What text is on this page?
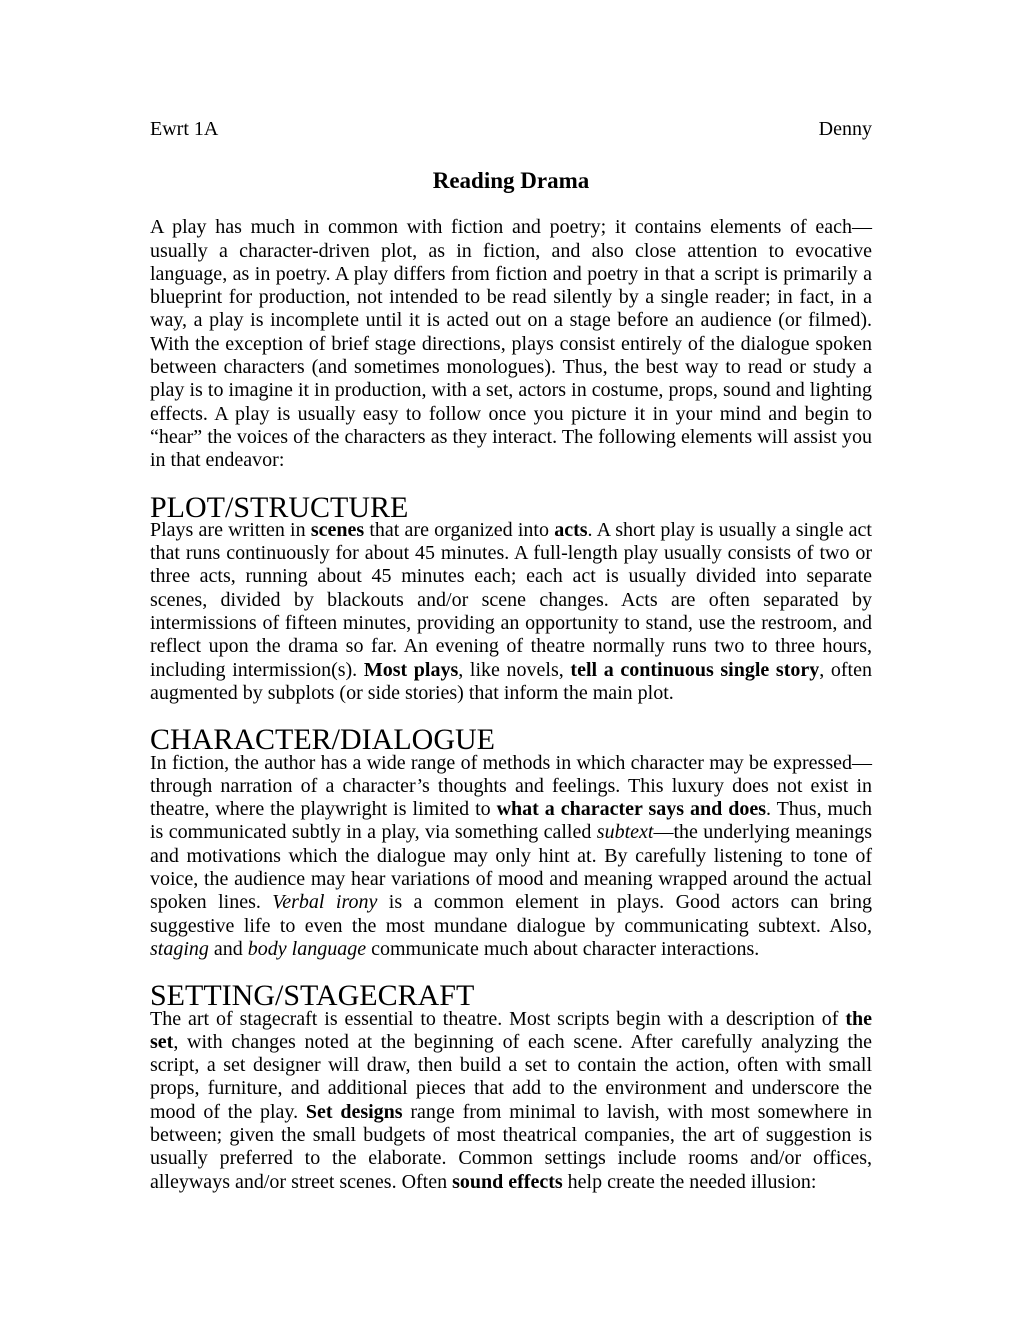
Ewrt 1A	Denny
Reading Drama

A play has much in common with fiction and poetry; it contains elements of each—usually a character-driven plot, as in fiction, and also close attention to evocative language, as in poetry. A play differs from fiction and poetry in that a script is primarily a blueprint for production, not intended to be read silently by a single reader; in fact, in a way, a play is incomplete until it is acted out on a stage before an audience (or filmed). With the exception of brief stage directions, plays consist entirely of the dialogue spoken between characters (and sometimes monologues). Thus, the best way to read or study a play is to imagine it in production, with a set, actors in costume, props, sound and lighting effects. A play is usually easy to follow once you picture it in your mind and begin to “hear” the voices of the characters as they interact. The following elements will assist you in that endeavor:

PLOT/STRUCTURE

Plays are written in scenes that are organized into acts. A short play is usually a single act that runs continuously for about 45 minutes. A full-length play usually consists of two or three acts, running about 45 minutes each; each act is usually divided into separate scenes, divided by blackouts and/or scene changes. Acts are often separated by intermissions of fifteen minutes, providing an opportunity to stand, use the restroom, and reflect upon the drama so far. An evening of theatre normally runs two to three hours, including intermission(s). Most plays, like novels, tell a continuous single story, often augmented by subplots (or side stories) that inform the main plot.

CHARACTER/DIALOGUE

In fiction, the author has a wide range of methods in which character may be expressed—through narration of a character’s thoughts and feelings. This luxury does not exist in theatre, where the playwright is limited to what a character says and does. Thus, much is communicated subtly in a play, via something called subtext—the underlying meanings and motivations which the dialogue may only hint at. By carefully listening to tone of voice, the audience may hear variations of mood and meaning wrapped around the actual spoken lines. Verbal irony is a common element in plays. Good actors can bring suggestive life to even the most mundane dialogue by communicating subtext. Also, staging and body language communicate much about character interactions.

SETTING/STAGECRAFT

The art of stagecraft is essential to theatre. Most scripts begin with a description of the set, with changes noted at the beginning of each scene. After carefully analyzing the script, a set designer will draw, then build a set to contain the action, often with small props, furniture, and additional pieces that add to the environment and underscore the mood of the play. Set designs range from minimal to lavish, with most somewhere in between; given the small budgets of most theatrical companies, the art of suggestion is usually preferred to the elaborate. Common settings include rooms and/or offices, alleyways and/or street scenes. Often sound effects help create the needed illusion:
